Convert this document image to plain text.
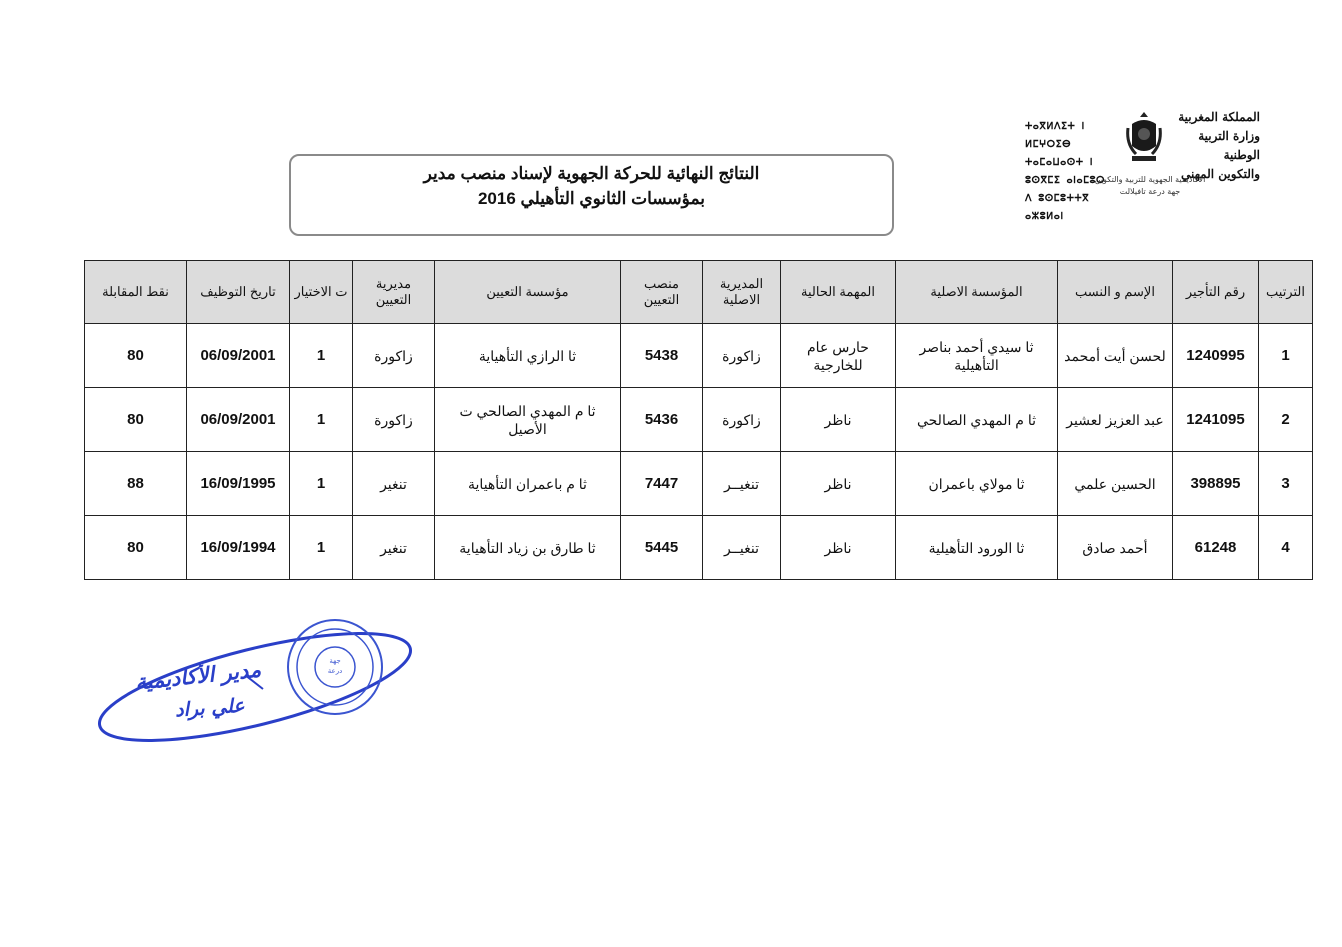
ⵜⴰⴳⵍⴷⵉⵜ ⵏ ⵍⵎⵖⵔⵉⴱ
ⵜⴰⵎⴰⵡⴰⵙⵜ ⵏ ⵓⵙⴳⵎⵉ ⴰⵏⴰⵎⵓⵔ
ⴷ ⵓⵙⵎⵓⵜⵜⴳ ⴰⵣⵓⵍⴰⵏ
المملكة المغربية
وزارة التربية الوطنية
والتكوين المهني
الأكاديمية الجهوية للتربية والتكوين
جهة درعة تافيلالت
النتائج النهائية للحركة الجهوية لإسناد منصب مدير
بمؤسسات الثانوي التأهيلي 2016
الترتيب	رقم التأجير	الإسم و النسب	المؤسسة الاصلية	المهمة الحالية	المديرية الاصلية	منصب التعيين	مؤسسة التعيين	مديرية التعيين	ت الاختيار	تاريخ التوظيف	نقط المقابلة
1	1240995	لحسن أيت أمحمد	ثا سيدي أحمد بناصر التأهيلية	حارس عام للخارجية	زاكورة	5438	ثا الرازي التأهياية	زاكورة	1	06/09/2001	80
2	1241095	عبد العزيز لعشير	ثا م المهدي الصالحي	ناظر	زاكورة	5436	ثا م المهدي الصالحي ت الأصيل	زاكورة	1	06/09/2001	80
3	398895	الحسين علمي	ثا مولاي باعمران	ناظر	تنغيــر	7447	ثا م باعمران التأهياية	تنغير	1	16/09/1995	88
4	61248	أحمد صادق	ثا الورود التأهيلية	ناظر	تنغيــر	5445	ثا طارق بن زياد التأهياية	تنغير	1	16/09/1994	80
جهة
درعة
مدير الأكاديمية
علي براد
